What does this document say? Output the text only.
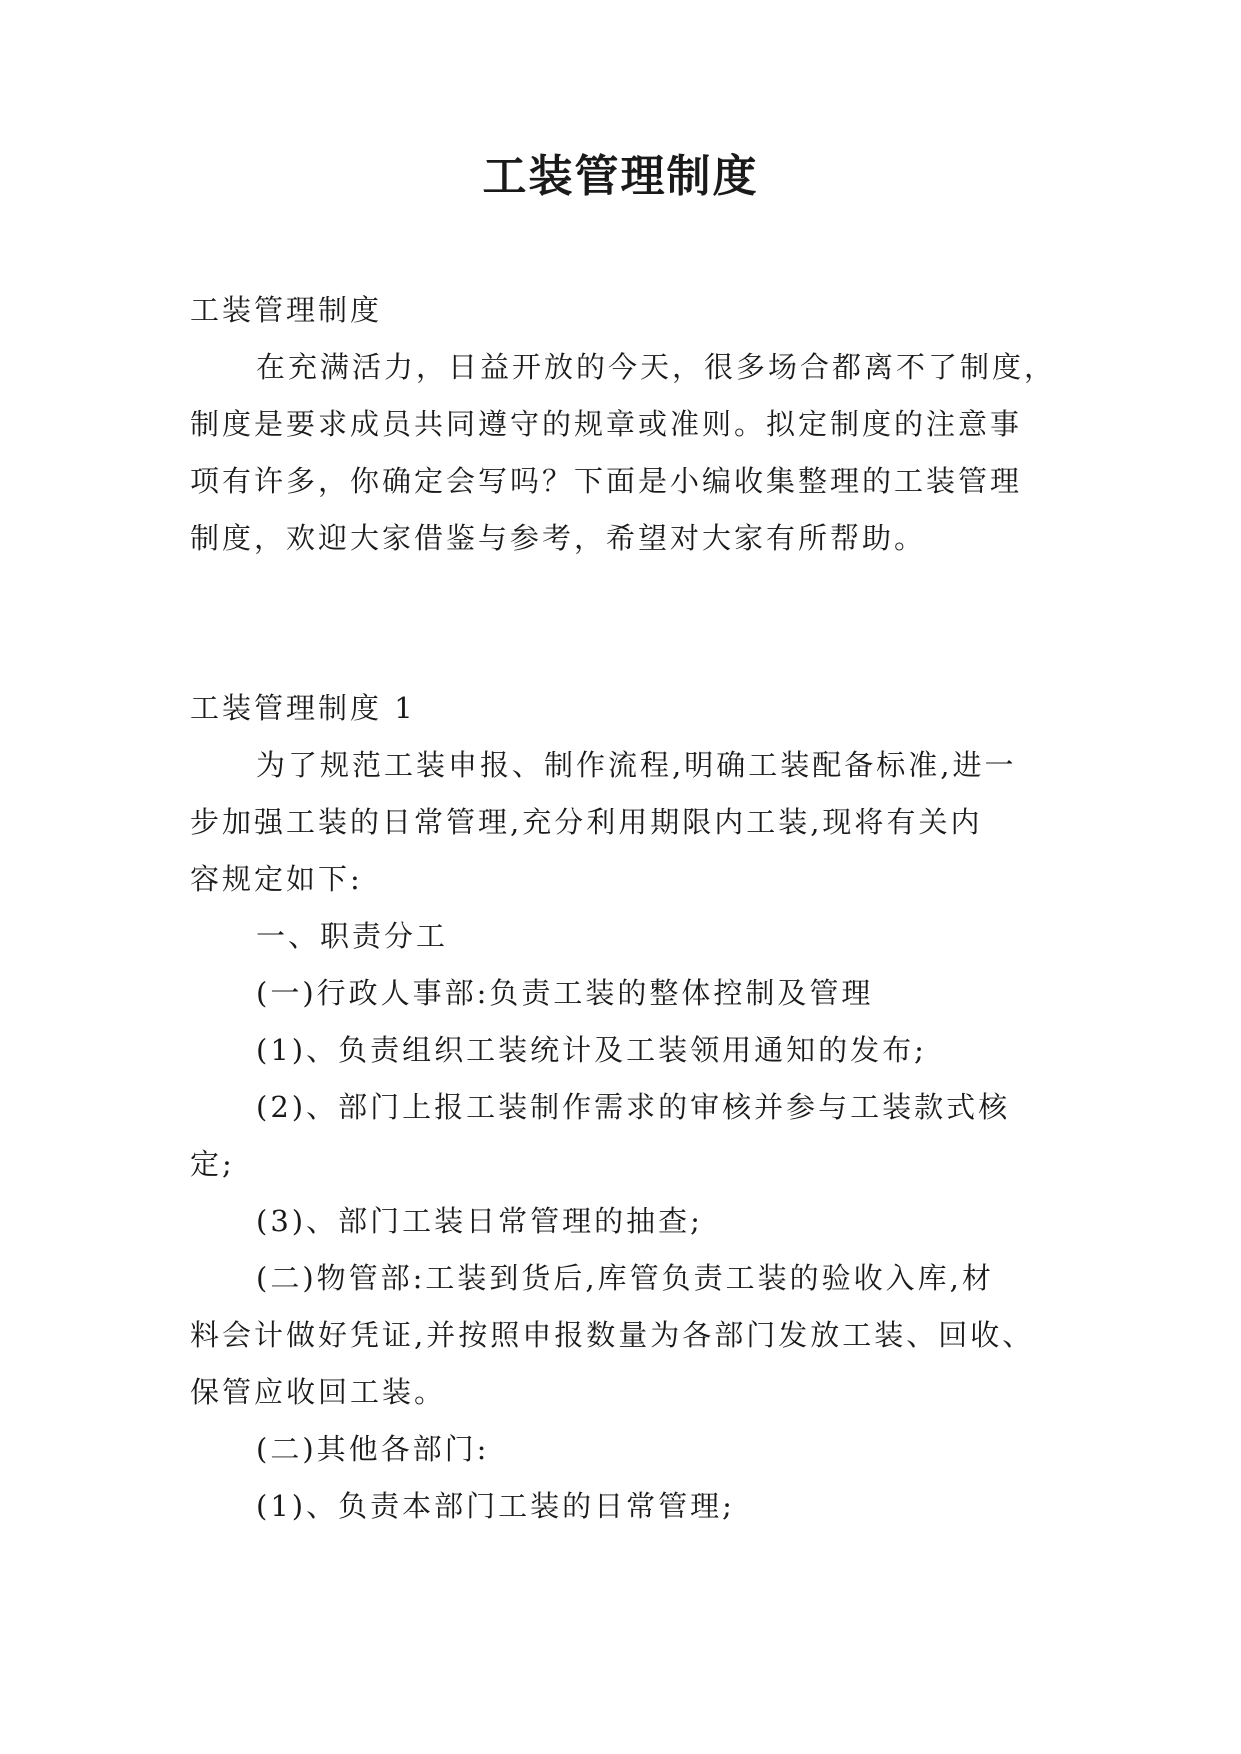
工装管理制度
工装管理制度
在充满活力，日益开放的今天，很多场合都离不了制度，
制度是要求成员共同遵守的规章或准则。拟定制度的注意事
项有许多，你确定会写吗？下面是小编收集整理的工装管理
制度，欢迎大家借鉴与参考，希望对大家有所帮助。
工装管理制度 1
为了规范工装申报、制作流程,明确工装配备标准,进一
步加强工装的日常管理,充分利用期限内工装,现将有关内
容规定如下:
一、职责分工
(一)行政人事部:负责工装的整体控制及管理
(1)、负责组织工装统计及工装领用通知的发布;
(2)、部门上报工装制作需求的审核并参与工装款式核
定;
(3)、部门工装日常管理的抽查;
(二)物管部:工装到货后,库管负责工装的验收入库,材
料会计做好凭证,并按照申报数量为各部门发放工装、回收、
保管应收回工装。
(二)其他各部门:
(1)、负责本部门工装的日常管理;
